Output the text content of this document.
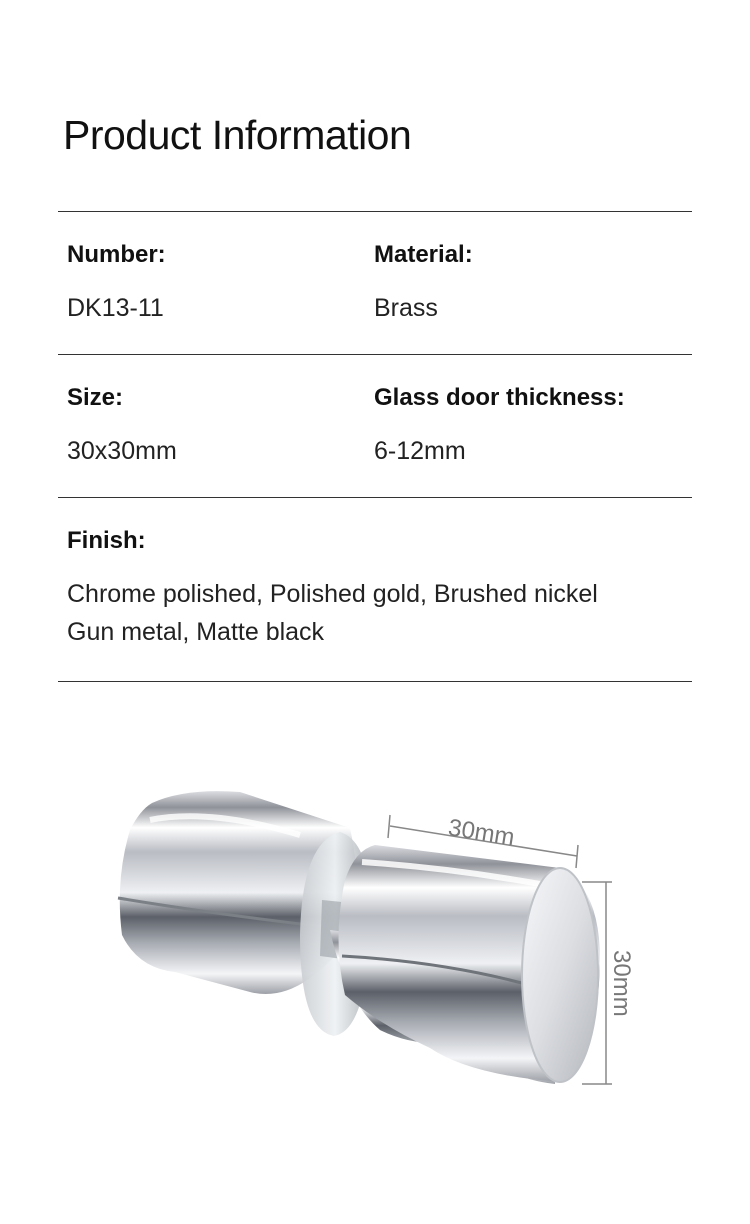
Product Information
Number:
DK13-11
Material:
Brass
Size:
30x30mm
Glass door thickness:
6-12mm
Finish:
Chrome polished, Polished gold, Brushed nickel
Gun metal, Matte black
30mm
30mm
